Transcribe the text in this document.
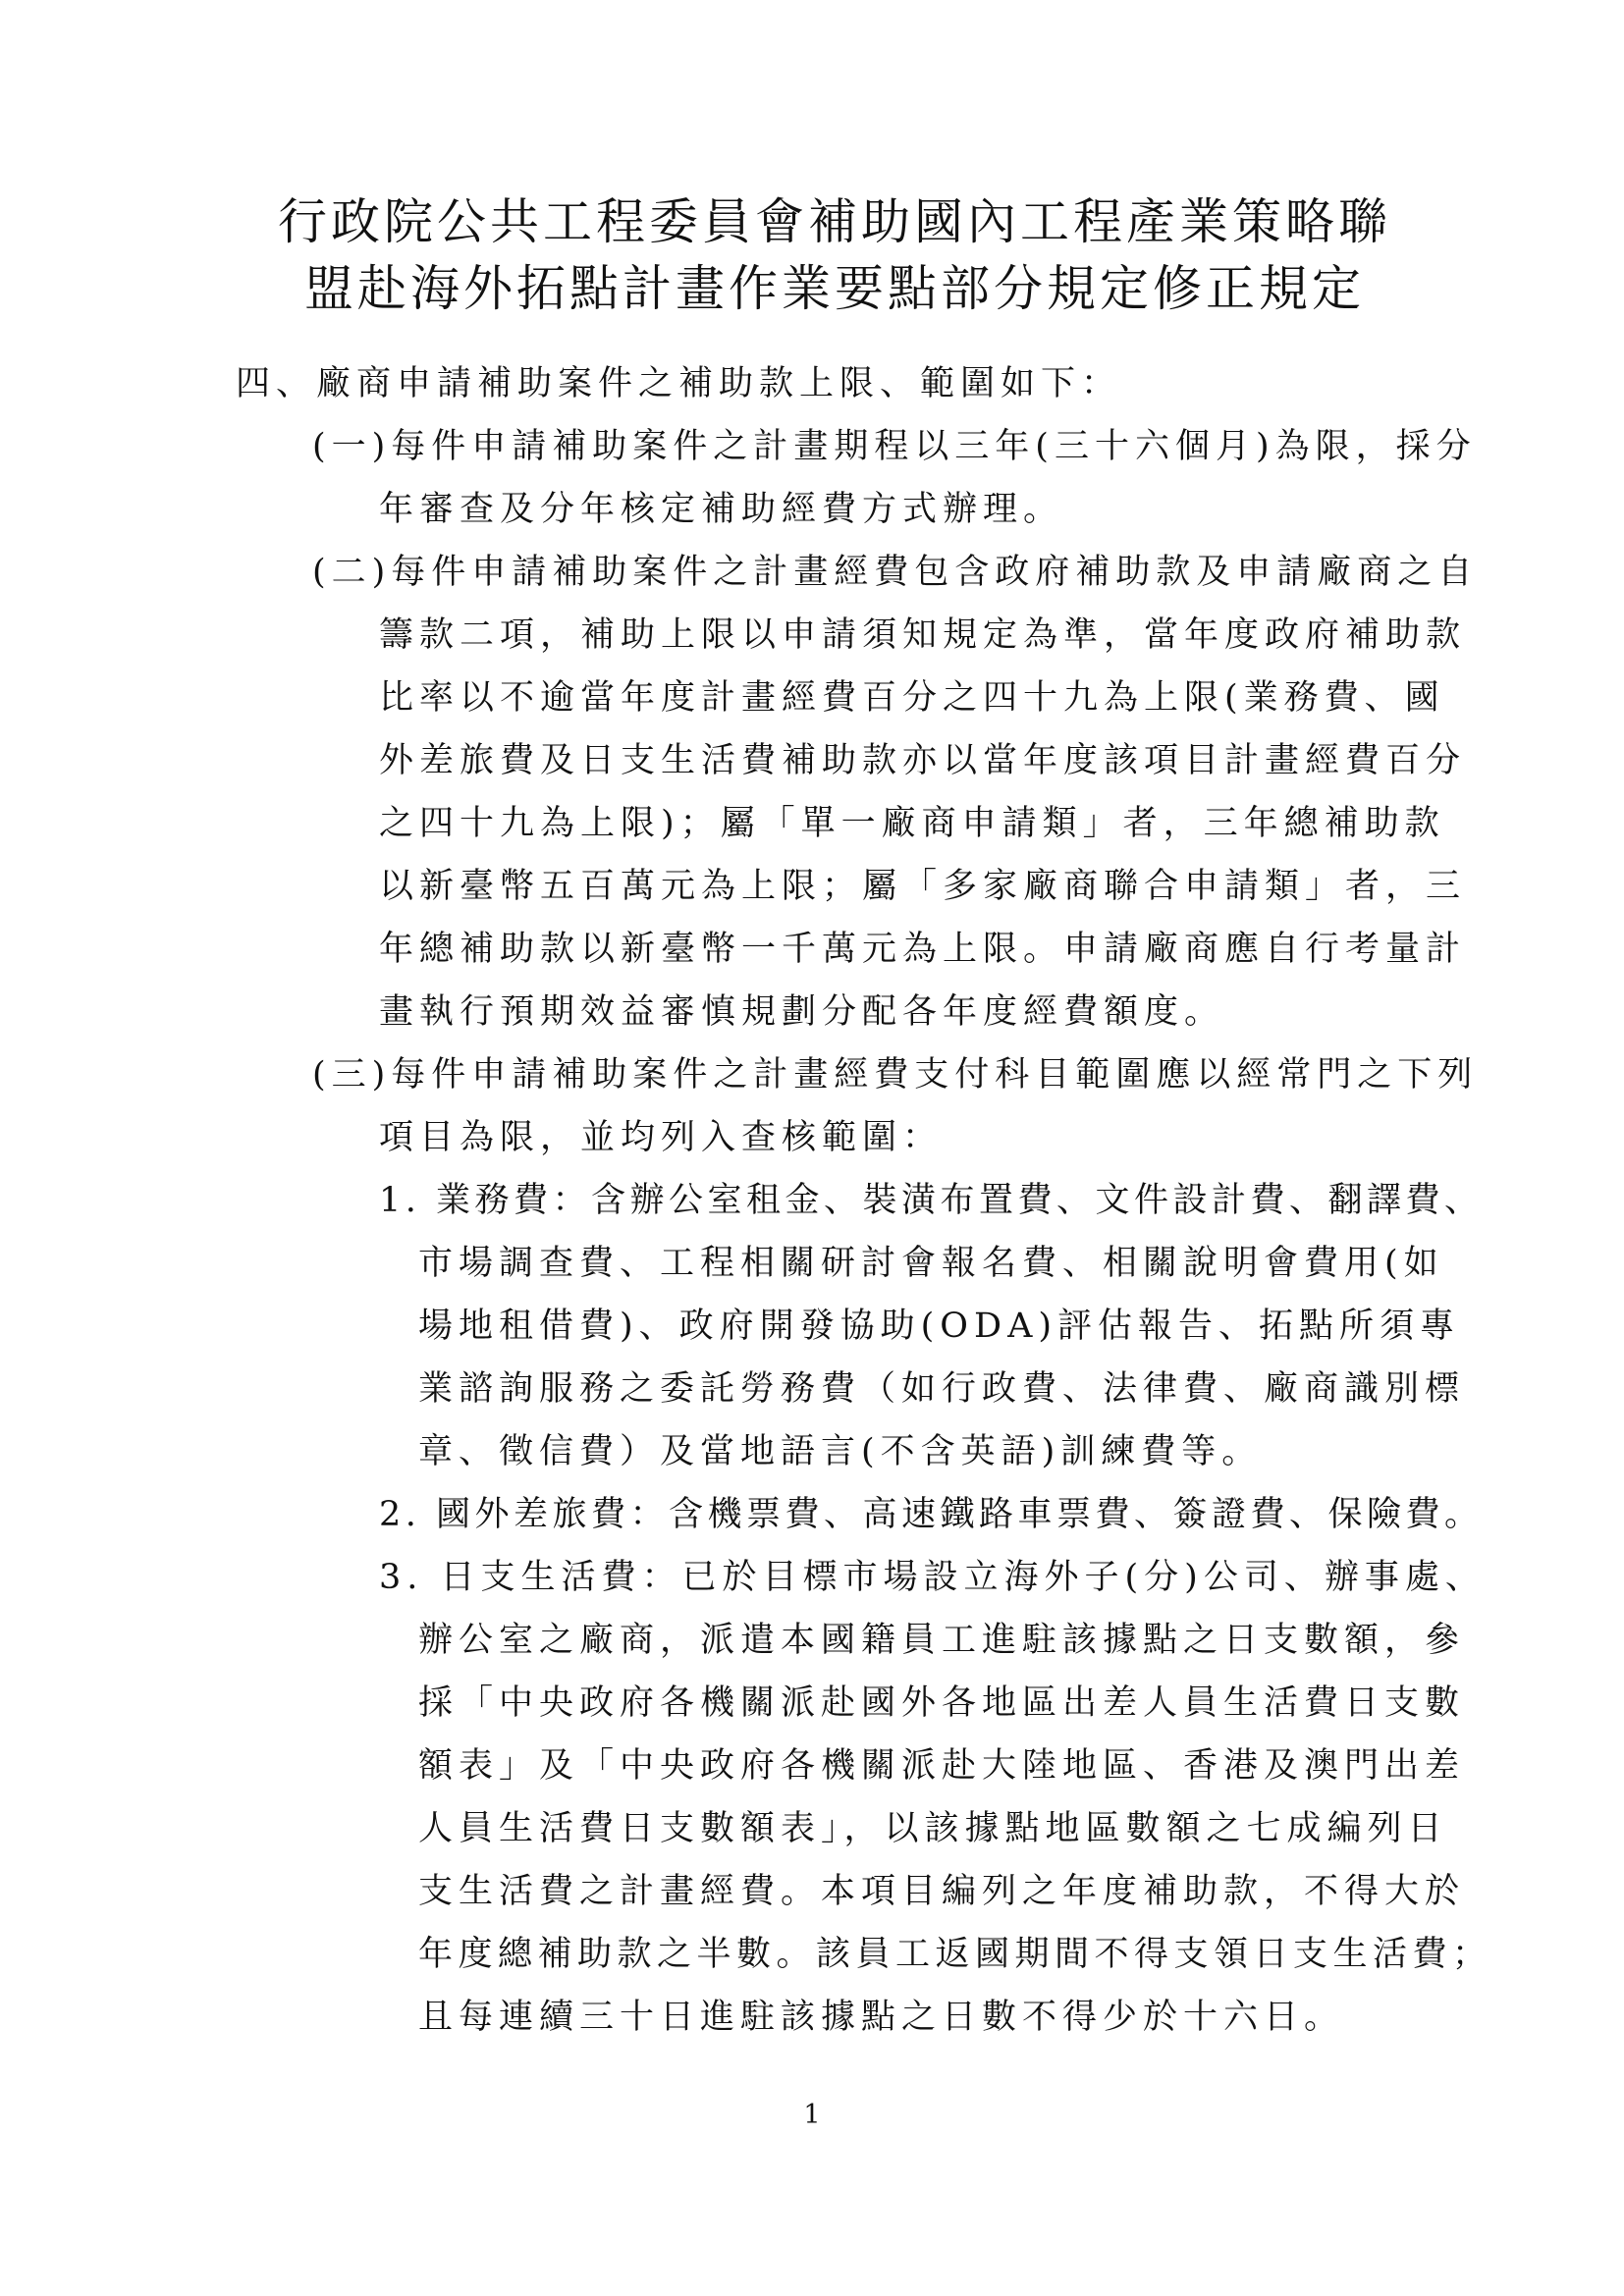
行政院公共工程委員會補助國內工程產業策略聯
盟赴海外拓點計畫作業要點部分規定修正規定

四、廠商申請補助案件之補助款上限、範圍如下：

(一)每件申請補助案件之計畫期程以三年(三十六個月)為限，採分

年審查及分年核定補助經費方式辦理。

(二)每件申請補助案件之計畫經費包含政府補助款及申請廠商之自

籌款二項，補助上限以申請須知規定為準，當年度政府補助款

比率以不逾當年度計畫經費百分之四十九為上限(業務費、國

外差旅費及日支生活費補助款亦以當年度該項目計畫經費百分

之四十九為上限)；屬「單一廠商申請類」者，三年總補助款

以新臺幣五百萬元為上限；屬「多家廠商聯合申請類」者，三

年總補助款以新臺幣一千萬元為上限。申請廠商應自行考量計

畫執行預期效益審慎規劃分配各年度經費額度。

(三)每件申請補助案件之計畫經費支付科目範圍應以經常門之下列

項目為限，並均列入查核範圍：

1. 業務費：含辦公室租金、裝潢布置費、文件設計費、翻譯費、

市場調查費、工程相關研討會報名費、相關說明會費用(如

場地租借費)、政府開發協助(ODA)評估報告、拓點所須專

業諮詢服務之委託勞務費（如行政費、法律費、廠商識別標

章、徵信費）及當地語言(不含英語)訓練費等。

2. 國外差旅費：含機票費、高速鐵路車票費、簽證費、保險費。

3. 日支生活費：已於目標市場設立海外子(分)公司、辦事處、

辦公室之廠商，派遣本國籍員工進駐該據點之日支數額，參

採「中央政府各機關派赴國外各地區出差人員生活費日支數

額表」及「中央政府各機關派赴大陸地區、香港及澳門出差

人員生活費日支數額表」，以該據點地區數額之七成編列日

支生活費之計畫經費。本項目編列之年度補助款，不得大於

年度總補助款之半數。該員工返國期間不得支領日支生活費；

且每連續三十日進駐該據點之日數不得少於十六日。

1
